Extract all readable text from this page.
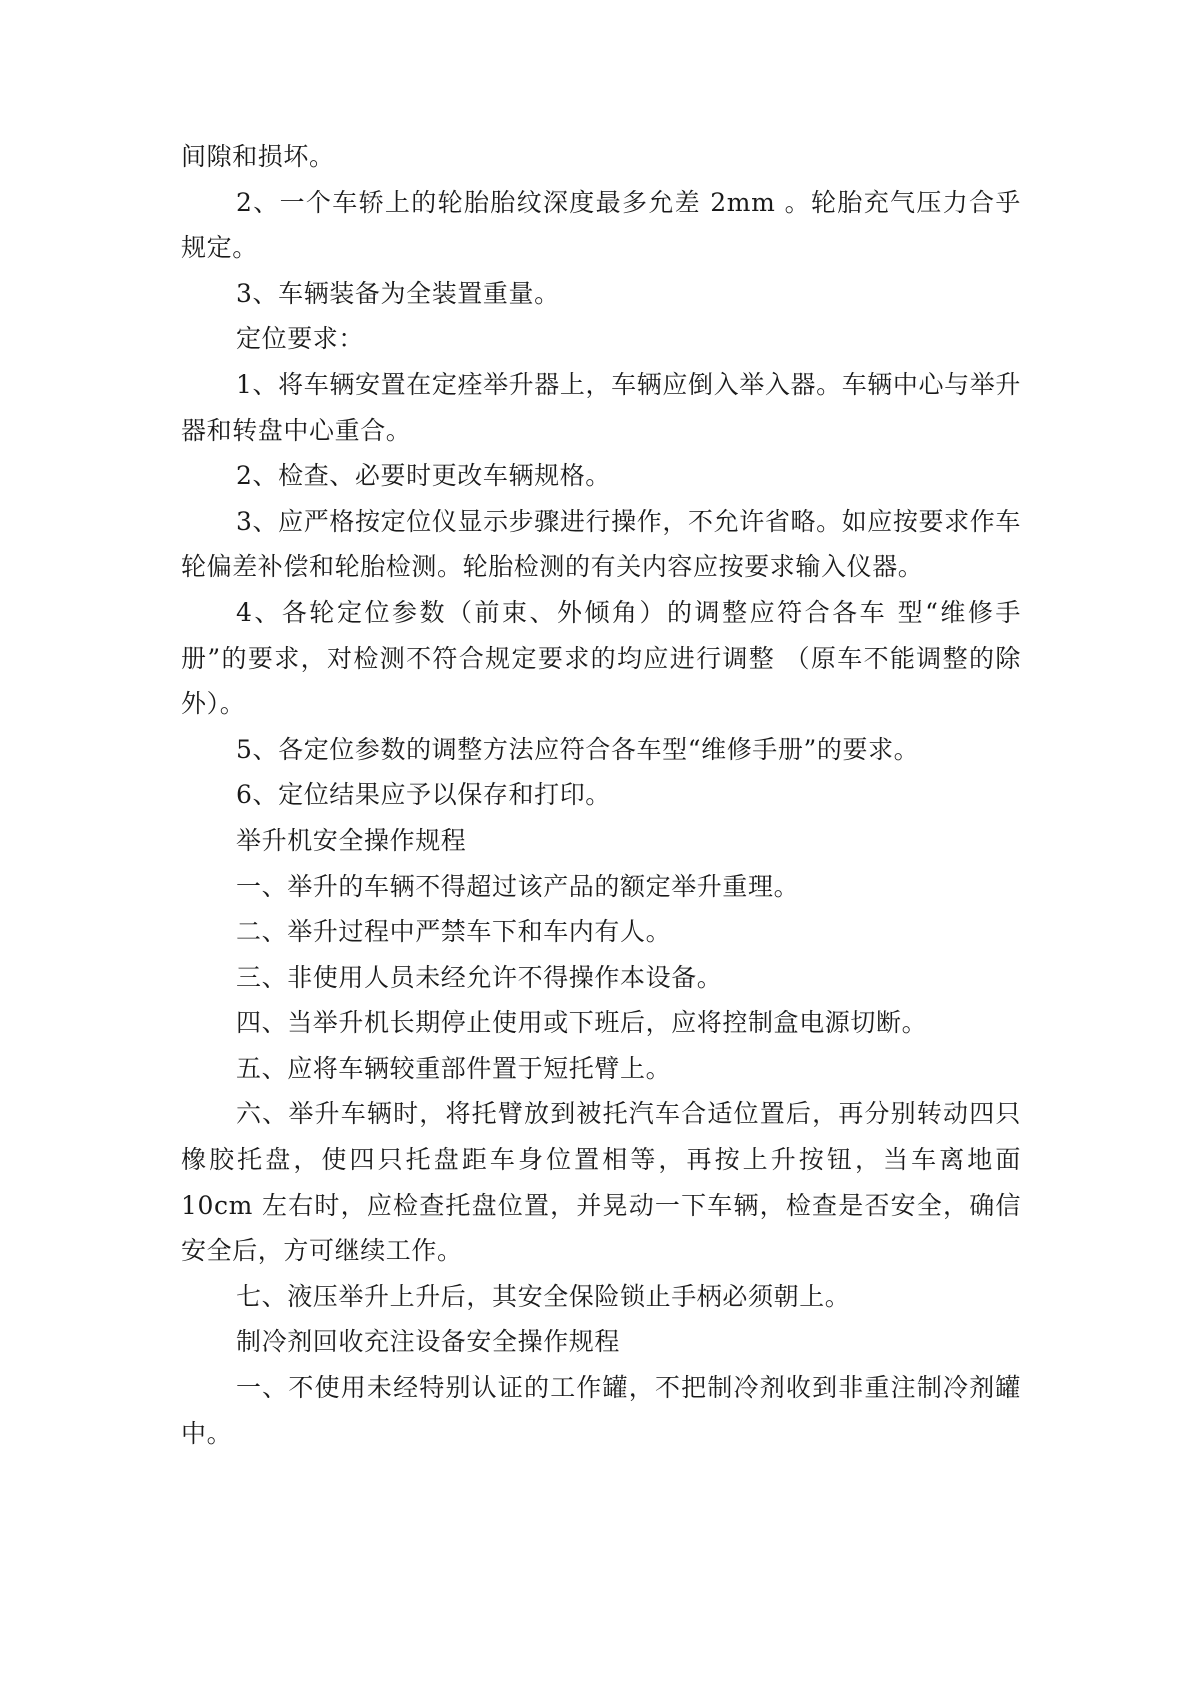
间隙和损坏。

2、一个车轿上的轮胎胎纹深度最多允差 2mm 。轮胎充气压力合乎规定。

3、车辆装备为全装置重量。

定位要求：

1、将车辆安置在定痊举升器上，车辆应倒入举入器。车辆中心与举升器和转盘中心重合。

2、检查、必要时更改车辆规格。

3、应严格按定位仪显示步骤进行操作，不允许省略。如应按要求作车轮偏差补偿和轮胎检测。轮胎检测的有关内容应按要求输入仪器。

4、各轮定位参数（前束、外倾角）的调整应符合各车 型“维修手册”的要求，对检测不符合规定要求的均应进行调整 （原车不能调整的除外）。

5、各定位参数的调整方法应符合各车型“维修手册”的要求。

6、定位结果应予以保存和打印。

举升机安全操作规程

一、举升的车辆不得超过该产品的额定举升重理。

二、举升过程中严禁车下和车内有人。

三、非使用人员未经允许不得操作本设备。

四、当举升机长期停止使用或下班后，应将控制盒电源切断。

五、应将车辆较重部件置于短托臂上。

六、举升车辆时，将托臂放到被托汽车合适位置后，再分别转动四只橡胶托盘，使四只托盘距车身位置相等，再按上升按钮，当车离地面 10cm 左右时，应检查托盘位置，并晃动一下车辆，检查是否安全，确信安全后，方可继续工作。

七、液压举升上升后，其安全保险锁止手柄必须朝上。

制冷剂回收充注设备安全操作规程

一、不使用未经特别认证的工作罐，不把制冷剂收到非重注制冷剂罐中。
